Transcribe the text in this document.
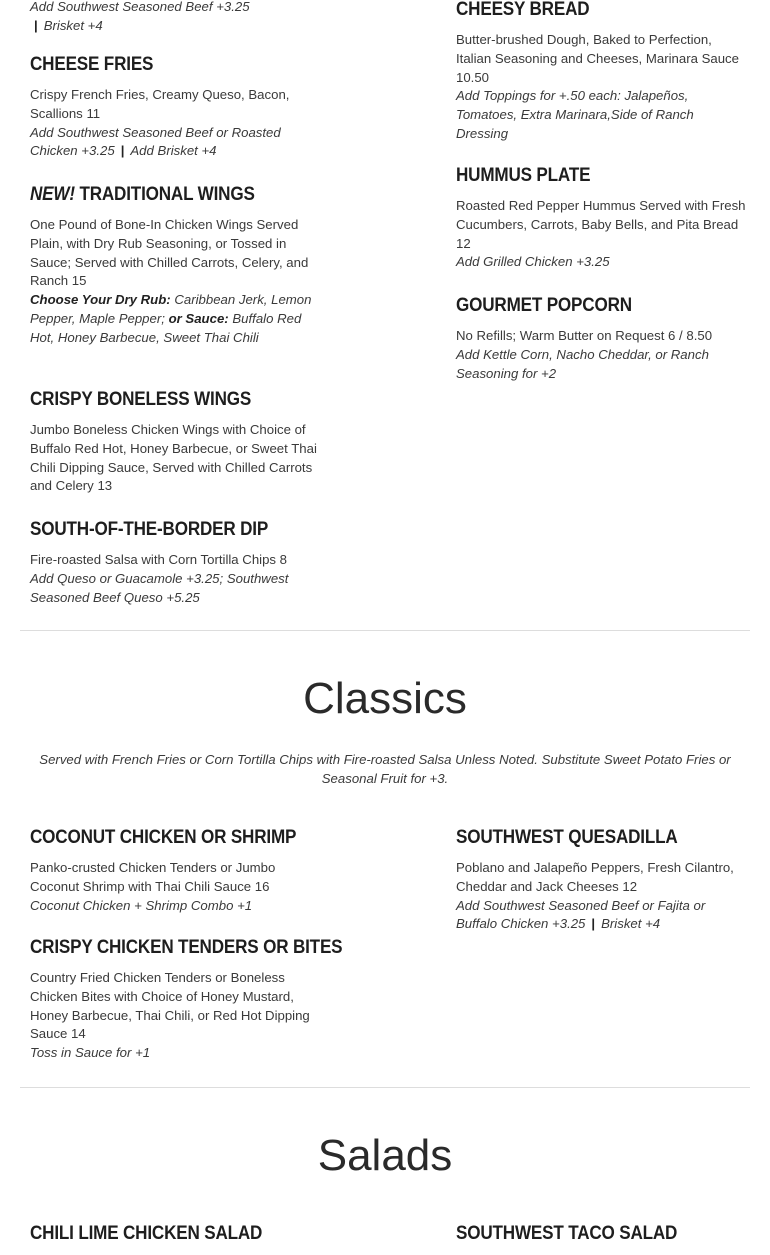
Add Southwest Seasoned Beef +3.25

| Brisket +4

CHEESE FRIES

Crispy French Fries, Creamy Queso, Bacon, Scallions 11

Add Southwest Seasoned Beef or Roasted Chicken +3.25 | Add Brisket +4

NEW! TRADITIONAL WINGS

One Pound of Bone-In Chicken Wings Served Plain, with Dry Rub Seasoning, or Tossed in Sauce; Served with Chilled Carrots, Celery, and Ranch 15

Choose Your Dry Rub: Caribbean Jerk, Lemon Pepper, Maple Pepper; or Sauce: Buffalo Red Hot, Honey Barbecue, Sweet Thai Chili

CRISPY BONELESS WINGS

Jumbo Boneless Chicken Wings with Choice of Buffalo Red Hot, Honey Barbecue, or Sweet Thai Chili Dipping Sauce, Served with Chilled Carrots and Celery 13

SOUTH-OF-THE-BORDER DIP

Fire-roasted Salsa with Corn Tortilla Chips 8

Add Queso or Guacamole +3.25; Southwest Seasoned Beef Queso +5.25

CHEESY BREAD

Butter-brushed Dough, Baked to Perfection, Italian Seasoning and Cheeses, Marinara Sauce 10.50

Add Toppings for +.50 each: Jalapeños, Tomatoes, Extra Marinara,Side of Ranch Dressing

HUMMUS PLATE

Roasted Red Pepper Hummus Served with Fresh Cucumbers, Carrots, Baby Bells, and Pita Bread 12

Add Grilled Chicken +3.25

GOURMET POPCORN

No Refills; Warm Butter on Request 6 / 8.50

Add Kettle Corn, Nacho Cheddar, or Ranch Seasoning for +2

Classics

Served with French Fries or Corn Tortilla Chips with Fire-roasted Salsa Unless Noted. Substitute Sweet Potato Fries or Seasonal Fruit for +3.

COCONUT CHICKEN OR SHRIMP

Panko-crusted Chicken Tenders or Jumbo Coconut Shrimp with Thai Chili Sauce 16

Coconut Chicken + Shrimp Combo +1

CRISPY CHICKEN TENDERS OR BITES

Country Fried Chicken Tenders or Boneless Chicken Bites with Choice of Honey Mustard, Honey Barbecue, Thai Chili, or Red Hot Dipping Sauce 14

Toss in Sauce for +1

SOUTHWEST QUESADILLA

Poblano and Jalapeño Peppers, Fresh Cilantro, Cheddar and Jack Cheeses 12

Add Southwest Seasoned Beef or Fajita or Buffalo Chicken +3.25 | Brisket +4

Salads
CHILI LIME CHICKEN SALAD	SOUTHWEST TACO SALAD
